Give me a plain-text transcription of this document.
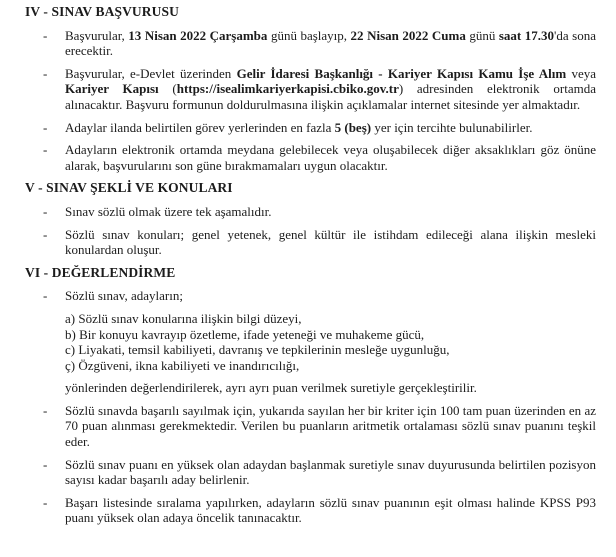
IV - SINAV BAŞVURUSU
-	Başvurular, 13 Nisan 2022 Çarşamba günü başlayıp, 22 Nisan 2022 Cuma günü saat 17.30'da sona erecektir.

-	Başvurular, e-Devlet üzerinden Gelir İdaresi Başkanlığı - Kariyer Kapısı Kamu İşe Alım veya Kariyer Kapısı (https://isealimkariyerkapisi.cbiko.gov.tr) adresinden elektronik ortamda alınacaktır. Başvuru formunun doldurulmasına ilişkin açıklamalar internet sitesinde yer almaktadır.

-	Adaylar ilanda belirtilen görev yerlerinden en fazla 5 (beş) yer için tercihte bulunabilirler.

-	Adayların elektronik ortamda meydana gelebilecek veya oluşabilecek diğer aksaklıkları göz önüne alarak, başvurularını son güne bırakmamaları uygun olacaktır.

V - SINAV ŞEKLİ VE KONULARI
-	Sınav sözlü olmak üzere tek aşamalıdır.

-	Sözlü sınav konuları; genel yetenek, genel kültür ile istihdam edileceği alana ilişkin mesleki konulardan oluşur.

VI - DEĞERLENDİRME
-	Sözlü sınav, adayların;

a) Sözlü sınav konularına ilişkin bilgi düzeyi,
b) Bir konuyu kavrayıp özetleme, ifade yeteneği ve muhakeme gücü,
c) Liyakati, temsil kabiliyeti, davranış ve tepkilerinin mesleğe uygunluğu,
ç) Özgüveni, ikna kabiliyeti ve inandırıcılığı,

yönlerinden değerlendirilerek, ayrı ayrı puan verilmek suretiyle gerçekleştirilir.

-	Sözlü sınavda başarılı sayılmak için, yukarıda sayılan her bir kriter için 100 tam puan üzerinden en az 70 puan alınması gerekmektedir. Verilen bu puanların aritmetik ortalaması sözlü sınav puanını teşkil eder.

-	Sözlü sınav puanı en yüksek olan adaydan başlanmak suretiyle sınav duyurusunda belirtilen pozisyon sayısı kadar başarılı aday belirlenir.

-	Başarı listesinde sıralama yapılırken, adayların sözlü sınav puanının eşit olması halinde KPSS P93 puanı yüksek olan adaya öncelik tanınacaktır.
